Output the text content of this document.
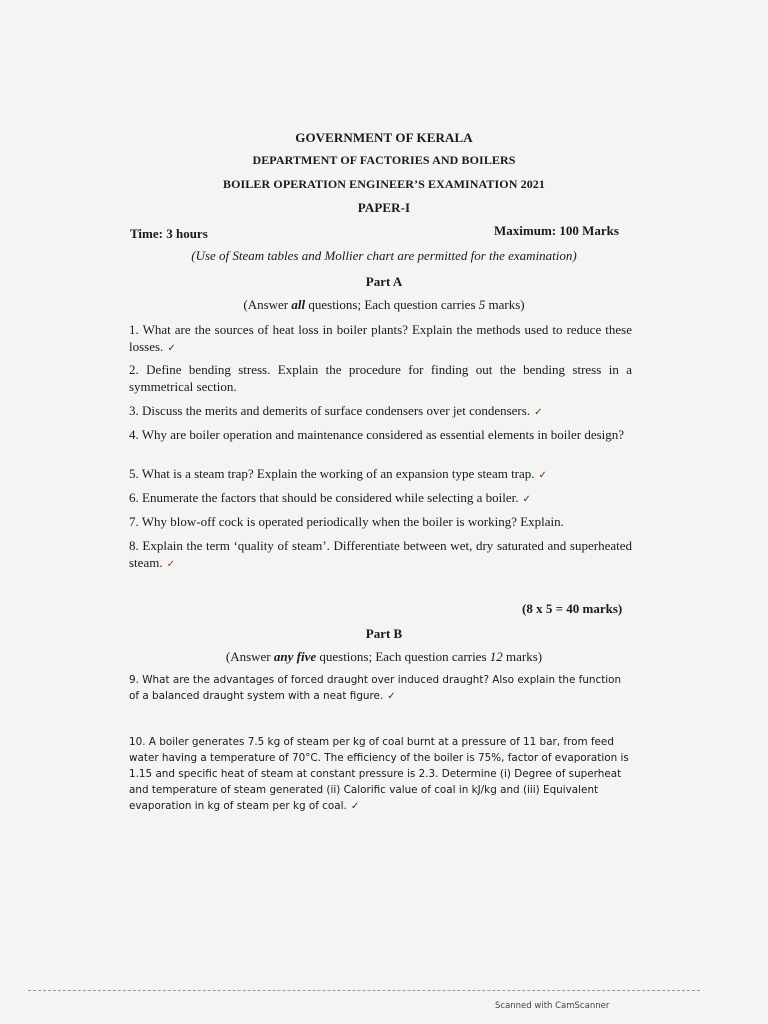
GOVERNMENT OF KERALA
DEPARTMENT OF FACTORIES AND BOILERS
BOILER OPERATION ENGINEER’S EXAMINATION 2021
PAPER-I
Time: 3 hours	Maximum: 100 Marks
(Use of Steam tables and Mollier chart are permitted for the examination)
Part A
(Answer all questions; Each question carries 5 marks)
1. What are the sources of heat loss in boiler plants? Explain the methods used to reduce these losses. ✓
2. Define bending stress. Explain the procedure for finding out the bending stress in a symmetrical section.
3. Discuss the merits and demerits of surface condensers over jet condensers. ✓
4. Why are boiler operation and maintenance considered as essential elements in boiler design?
5. What is a steam trap? Explain the working of an expansion type steam trap. ✓
6. Enumerate the factors that should be considered while selecting a boiler. ✓
7. Why blow-off cock is operated periodically when the boiler is working? Explain.
8. Explain the term ‘quality of steam’. Differentiate between wet, dry saturated and superheated steam. ✓
(8 x 5 = 40 marks)
Part B
(Answer any five questions; Each question carries 12 marks)
9. What are the advantages of forced draught over induced draught? Also explain the function of a balanced draught system with a neat figure. ✓
10. A boiler generates 7.5 kg of steam per kg of coal burnt at a pressure of 11 bar, from feed water having a temperature of 70°C. The efficiency of the boiler is 75%, factor of evaporation is 1.15 and specific heat of steam at constant pressure is 2.3. Determine (i) Degree of superheat and temperature of steam generated (ii) Calorific value of coal in kJ/kg and (iii) Equivalent evaporation in kg of steam per kg of coal. ✓
Scanned with CamScanner
